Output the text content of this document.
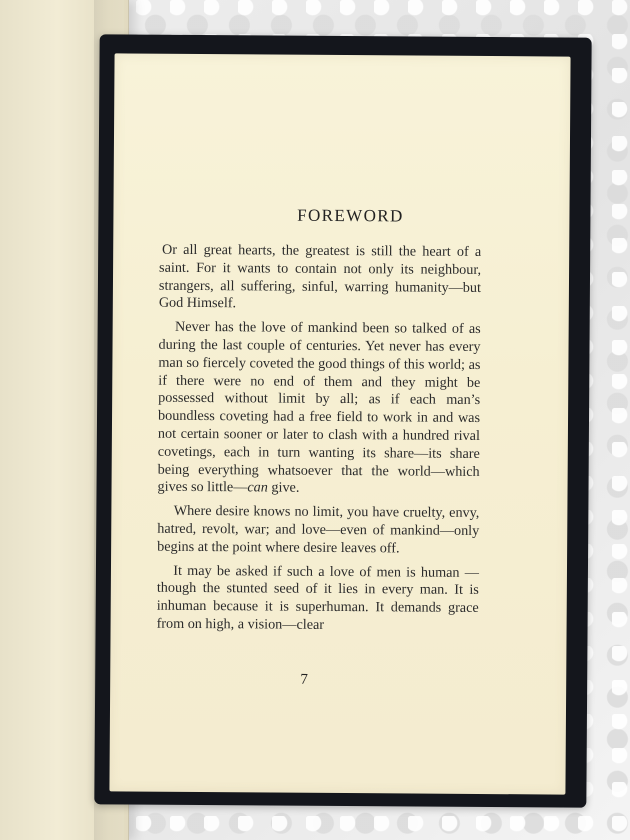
FOREWORD

Or all great hearts, the greatest is still the heart of a saint. For it wants to contain not only its neighbour, strangers, all suffering, sinful, warring humanity—but God Himself.

Never has the love of mankind been so talked of as during the last couple of centuries. Yet never has every man so fiercely coveted the good things of this world; as if there were no end of them and they might be possessed without limit by all; as if each man’s boundless coveting had a free field to work in and was not certain sooner or later to clash with a hundred rival covetings, each in turn wanting its share—its share being everything whatsoever that the world—which gives so little—can give.

Where desire knows no limit, you have cruelty, envy, hatred, revolt, war; and love—even of mankind—only begins at the point where desire leaves off.

It may be asked if such a love of men is human —though the stunted seed of it lies in every man. It is inhuman because it is superhuman. It demands grace from on high, a vision—clear

7
